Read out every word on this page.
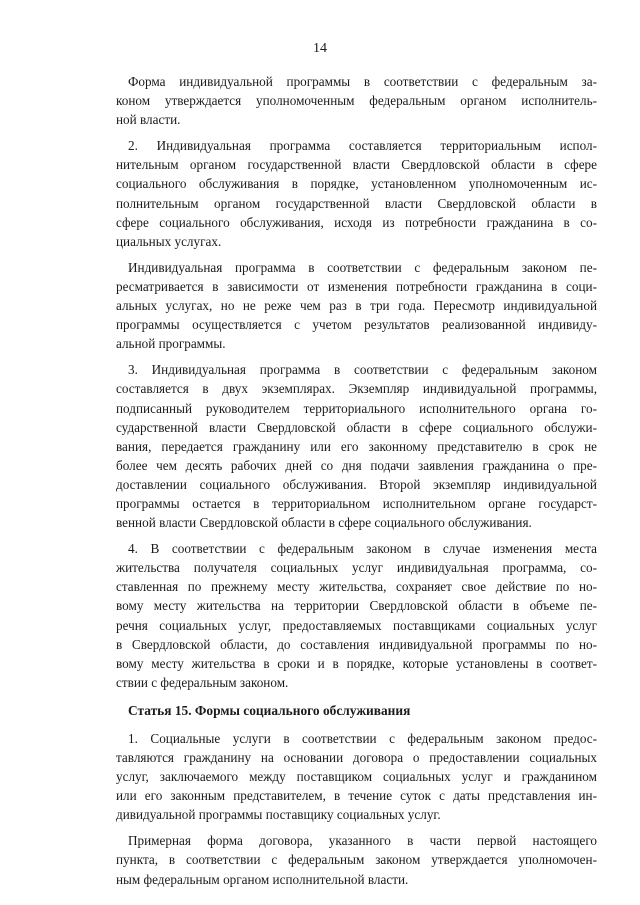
14
Форма индивидуальной программы в соответствии с федеральным за-
коном утверждается уполномоченным федеральным органом исполнитель-
ной власти.
2. Индивидуальная программа составляется территориальным испол-
нительным органом государственной власти Свердловской области в сфере
социального обслуживания в порядке, установленном уполномоченным ис-
полнительным органом государственной власти Свердловской области в
сфере социального обслуживания, исходя из потребности гражданина в со-
циальных услугах.
Индивидуальная программа в соответствии с федеральным законом пе-
ресматривается в зависимости от изменения потребности гражданина в соци-
альных услугах, но не реже чем раз в три года. Пересмотр индивидуальной
программы осуществляется с учетом результатов реализованной индивиду-
альной программы.
3. Индивидуальная программа в соответствии с федеральным законом
составляется в двух экземплярах. Экземпляр индивидуальной программы,
подписанный руководителем территориального исполнительного органа го-
сударственной власти Свердловской области в сфере социального обслужи-
вания, передается гражданину или его законному представителю в срок не
более чем десять рабочих дней со дня подачи заявления гражданина о пре-
доставлении социального обслуживания. Второй экземпляр индивидуальной
программы остается в территориальном исполнительном органе государст-
венной власти Свердловской области в сфере социального обслуживания.
4. В соответствии с федеральным законом в случае изменения места
жительства получателя социальных услуг индивидуальная программа, со-
ставленная по прежнему месту жительства, сохраняет свое действие по но-
вому месту жительства на территории Свердловской области в объеме пе-
речня социальных услуг, предоставляемых поставщиками социальных услуг
в Свердловской области, до составления индивидуальной программы по но-
вому месту жительства в сроки и в порядке, которые установлены в соответ-
ствии с федеральным законом.
Статья 15. Формы социального обслуживания
1. Социальные услуги в соответствии с федеральным законом предос-
тавляются гражданину на основании договора о предоставлении социальных
услуг, заключаемого между поставщиком социальных услуг и гражданином
или его законным представителем, в течение суток с даты представления ин-
дивидуальной программы поставщику социальных услуг.
Примерная форма договора, указанного в части первой настоящего
пункта, в соответствии с федеральным законом утверждается уполномочен-
ным федеральным органом исполнительной власти.
